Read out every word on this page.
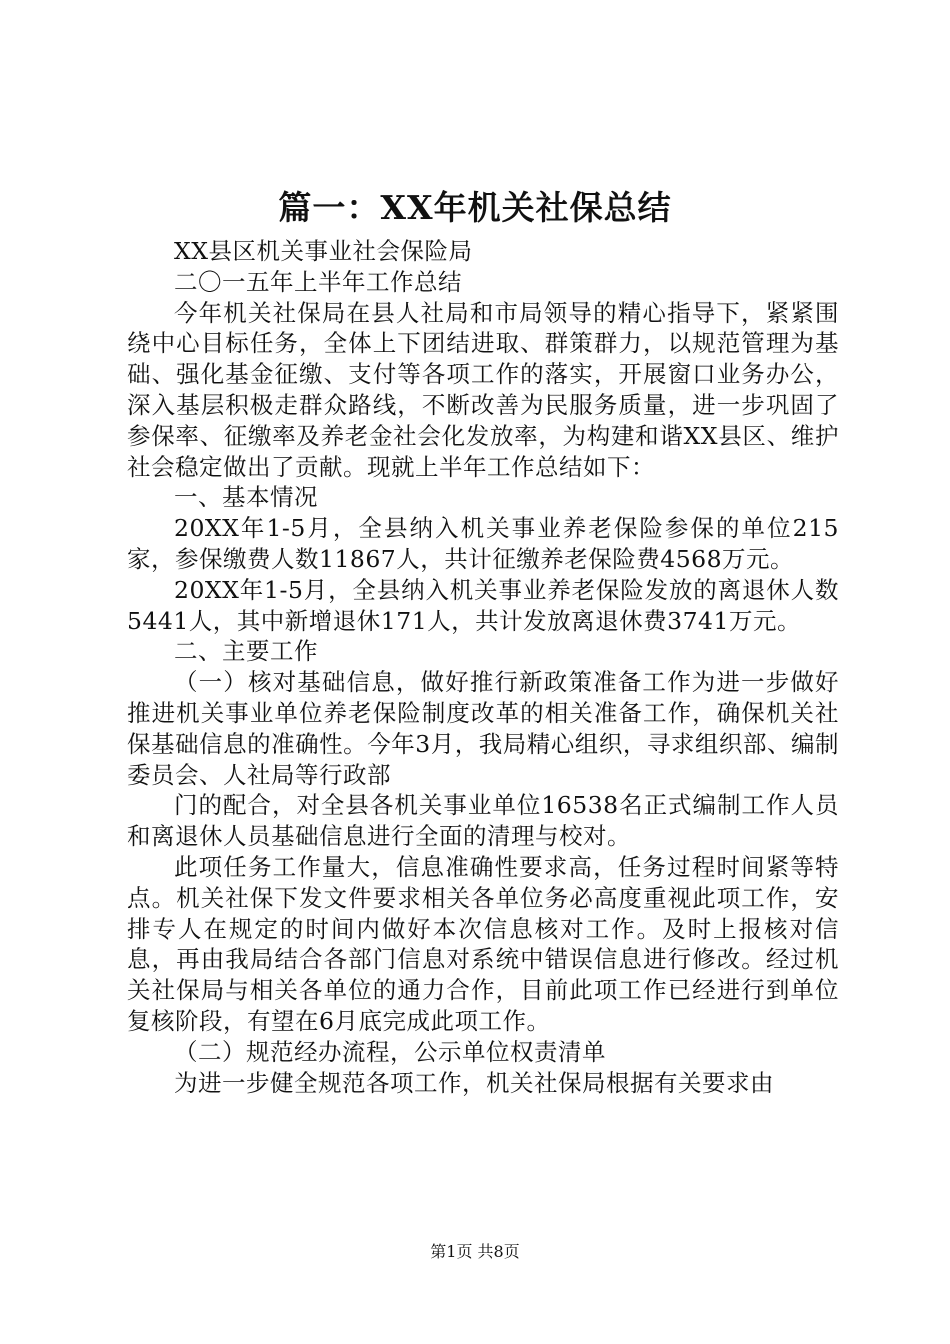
篇一：XX年机关社保总结

XX县区机关事业社会保险局

二〇一五年上半年工作总结

今年机关社保局在县人社局和市局领导的精心指导下，紧紧围绕中心目标任务，全体上下团结进取、群策群力，以规范管理为基础、强化基金征缴、支付等各项工作的落实，开展窗口业务办公，深入基层积极走群众路线，不断改善为民服务质量，进一步巩固了参保率、征缴率及养老金社会化发放率，为构建和谐XX县区、维护社会稳定做出了贡献。现就上半年工作总结如下：

一、基本情况

20XX年1-5月，全县纳入机关事业养老保险参保的单位215家，参保缴费人数11867人，共计征缴养老保险费4568万元。

20XX年1-5月，全县纳入机关事业养老保险发放的离退休人数5441人，其中新增退休171人，共计发放离退休费3741万元。

二、主要工作

（一）核对基础信息，做好推行新政策准备工作为进一步做好推进机关事业单位养老保险制度改革的相关准备工作，确保机关社保基础信息的准确性。今年3月，我局精心组织，寻求组织部、编制委员会、人社局等行政部

门的配合，对全县各机关事业单位16538名正式编制工作人员和离退休人员基础信息进行全面的清理与校对。

此项任务工作量大，信息准确性要求高，任务过程时间紧等特点。机关社保下发文件要求相关各单位务必高度重视此项工作，安排专人在规定的时间内做好本次信息核对工作。及时上报核对信息，再由我局结合各部门信息对系统中错误信息进行修改。经过机关社保局与相关各单位的通力合作，目前此项工作已经进行到单位复核阶段，有望在6月底完成此项工作。

（二）规范经办流程，公示单位权责清单

为进一步健全规范各项工作，机关社保局根据有关要求由

第1页 共8页
